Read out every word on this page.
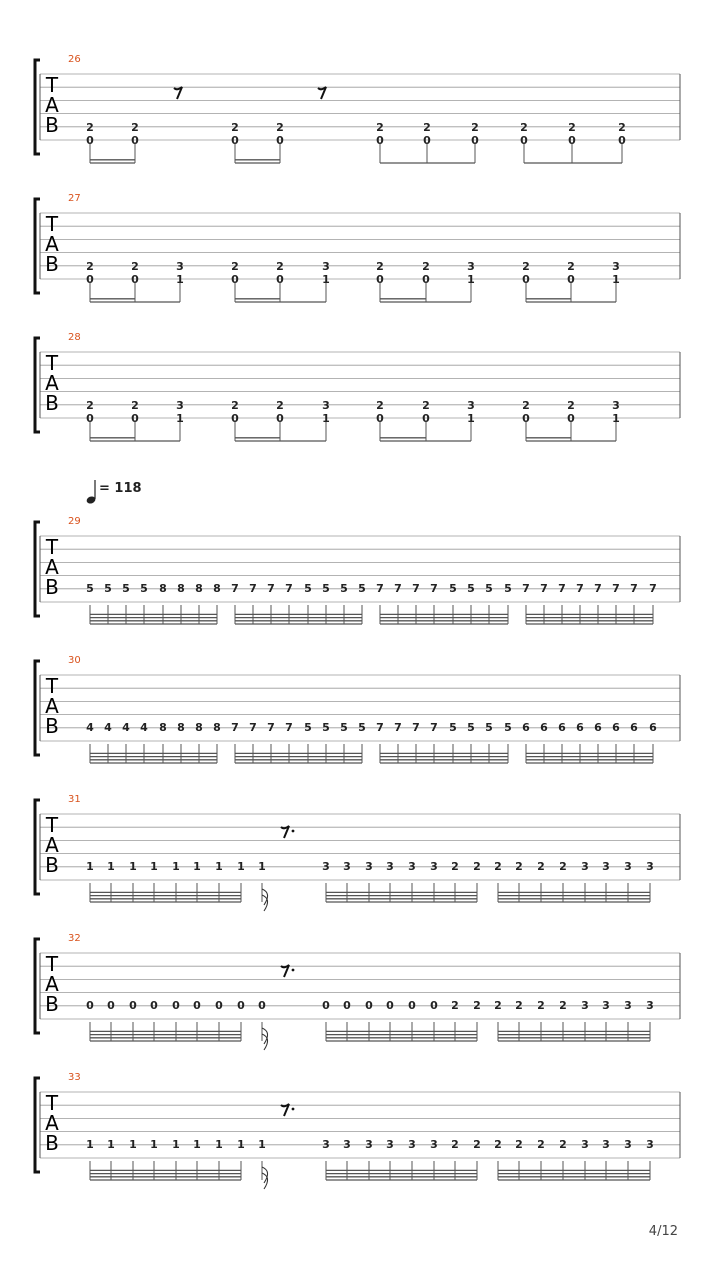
= 118
26
T
A
B 2
0
2
0
2
0
2
0
2
0
2
0
2
0
2
0
2
0
2
0
27
T
A
B 2
0
2
0
3
1
2
0
2
0
3
1
2
0
2
0
3
1
2
0
2
0
3
1
28
T
A
B 2
0
2
0
3
1
2
0
2
0
3
1
2
0
2
0
3
1
2
0
2
0
3
1
29
T
A
B 5 5 5 5 8 8 8 8 7 7 7 7 5 5 5 5 7 7 7 7 5 5 5 5 7 7 7 7 7 7 7 7
30
T
A
B 4 4 4 4 8 8 8 8 7 7 7 7 5 5 5 5 7 7 7 7 5 5 5 5 6 6 6 6 6 6 6 6
31
T
A
B 1 1 1 1 1 1 1 1	3 3 3 3 3 3 2 2 2 2 2 2 3 3 3 3
1
32
T
A
B 0 0 0 0 0 0 0 0	0 0 0 0 0 0 2 2 2 2 2 2 3 3 3 3
0
33
T
A
B 1 1 1 1 1 1 1 1	3 3 3 3 3 3 2 2 2 2 2 2 3 3 3 3
1
4/12
